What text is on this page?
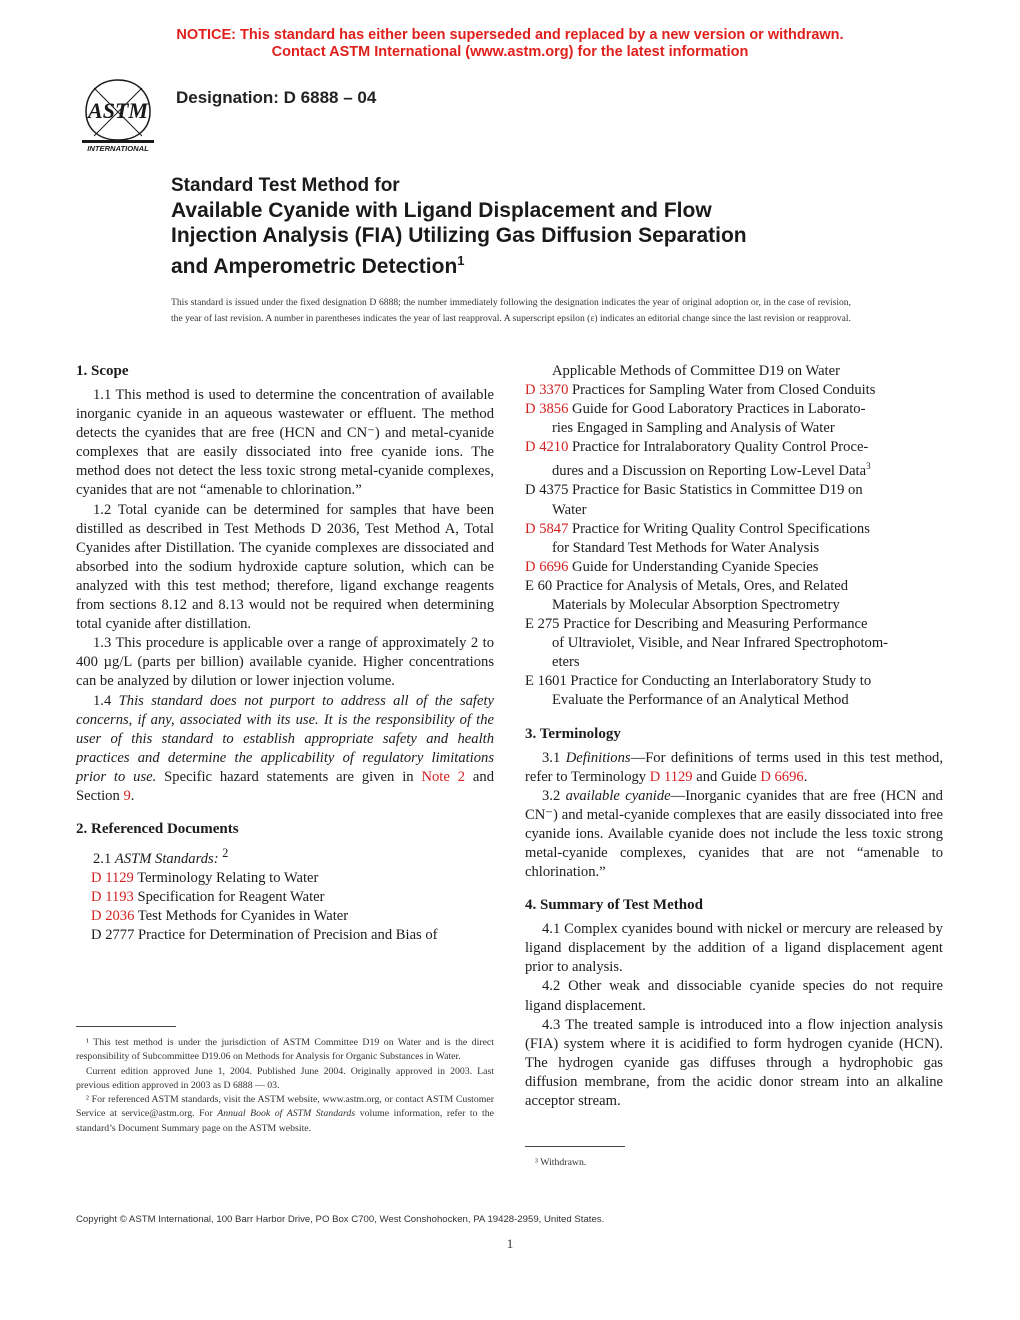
NOTICE: This standard has either been superseded and replaced by a new version or withdrawn.
Contact ASTM International (www.astm.org) for the latest information
ASTM
INTERNATIONAL
Designation: D 6888 – 04
Standard Test Method for
Available Cyanide with Ligand Displacement and Flow
Injection Analysis (FIA) Utilizing Gas Diffusion Separation
and Amperometric Detection$^1$
This standard is issued under the fixed designation D 6888; the number immediately following the designation indicates the year of original adoption or, in the case of revision, the year of last revision. A number in parentheses indicates the year of last reapproval. A superscript epsilon (ε) indicates an editorial change since the last revision or reapproval.
1. Scope

1.1 This method is used to determine the concentration of available inorganic cyanide in an aqueous wastewater or effluent. The method detects the cyanides that are free (HCN and CN⁻) and metal-cyanide complexes that are easily dissociated into free cyanide ions. The method does not detect the less toxic strong metal-cyanide complexes, cyanides that are not “amenable to chlorination.”

1.2 Total cyanide can be determined for samples that have been distilled as described in Test Methods D 2036, Test Method A, Total Cyanides after Distillation. The cyanide complexes are dissociated and absorbed into the sodium hydroxide capture solution, which can be analyzed with this test method; therefore, ligand exchange reagents from sections 8.12 and 8.13 would not be required when determining total cyanide after distillation.

1.3 This procedure is applicable over a range of approximately 2 to 400 µg/L (parts per billion) available cyanide. Higher concentrations can be analyzed by dilution or lower injection volume.

1.4 This standard does not purport to address all of the safety concerns, if any, associated with its use. It is the responsibility of the user of this standard to establish appropriate safety and health practices and determine the applicability of regulatory limitations prior to use. Specific hazard statements are given in Note 2 and Section 9.

2. Referenced Documents

2.1 ASTM Standards: $^2$

D 1129 Terminology Relating to Water
D 1193 Specification for Reagent Water
D 2036 Test Methods for Cyanides in Water
D 2777 Practice for Determination of Precision and Bias of
Applicable Methods of Committee D19 on Water
D 3370 Practices for Sampling Water from Closed Conduits
D 3856 Guide for Good Laboratory Practices in Laborato-
ries Engaged in Sampling and Analysis of Water
D 4210 Practice for Intralaboratory Quality Control Proce-
dures and a Discussion on Reporting Low-Level Data$^3$
D 4375 Practice for Basic Statistics in Committee D19 on
Water
D 5847 Practice for Writing Quality Control Specifications
for Standard Test Methods for Water Analysis
D 6696 Guide for Understanding Cyanide Species
E 60 Practice for Analysis of Metals, Ores, and Related
Materials by Molecular Absorption Spectrometry
E 275 Practice for Describing and Measuring Performance
of Ultraviolet, Visible, and Near Infrared Spectrophotom-
eters
E 1601 Practice for Conducting an Interlaboratory Study to
Evaluate the Performance of an Analytical Method
3. Terminology

3.1 Definitions—For definitions of terms used in this test method, refer to Terminology D 1129 and Guide D 6696.

3.2 available cyanide—Inorganic cyanides that are free (HCN and CN⁻) and metal-cyanide complexes that are easily dissociated into free cyanide ions. Available cyanide does not include the less toxic strong metal-cyanide complexes, cyanides that are not “amenable to chlorination.”

4. Summary of Test Method

4.1 Complex cyanides bound with nickel or mercury are released by ligand displacement by the addition of a ligand displacement agent prior to analysis.

4.2 Other weak and dissociable cyanide species do not require ligand displacement.

4.3 The treated sample is introduced into a flow injection analysis (FIA) system where it is acidified to form hydrogen cyanide (HCN). The hydrogen cyanide gas diffuses through a hydrophobic gas diffusion membrane, from the acidic donor stream into an alkaline acceptor stream.

¹ This test method is under the jurisdiction of ASTM Committee D19 on Water and is the direct responsibility of Subcommittee D19.06 on Methods for Analysis for Organic Substances in Water.

Current edition approved June 1, 2004. Published June 2004. Originally approved in 2003. Last previous edition approved in 2003 as D 6888 — 03.

² For referenced ASTM standards, visit the ASTM website, www.astm.org, or contact ASTM Customer Service at service@astm.org. For Annual Book of ASTM Standards volume information, refer to the standard’s Document Summary page on the ASTM website.

³ Withdrawn.

Copyright © ASTM International, 100 Barr Harbor Drive, PO Box C700, West Conshohocken, PA 19428-2959, United States.
1
